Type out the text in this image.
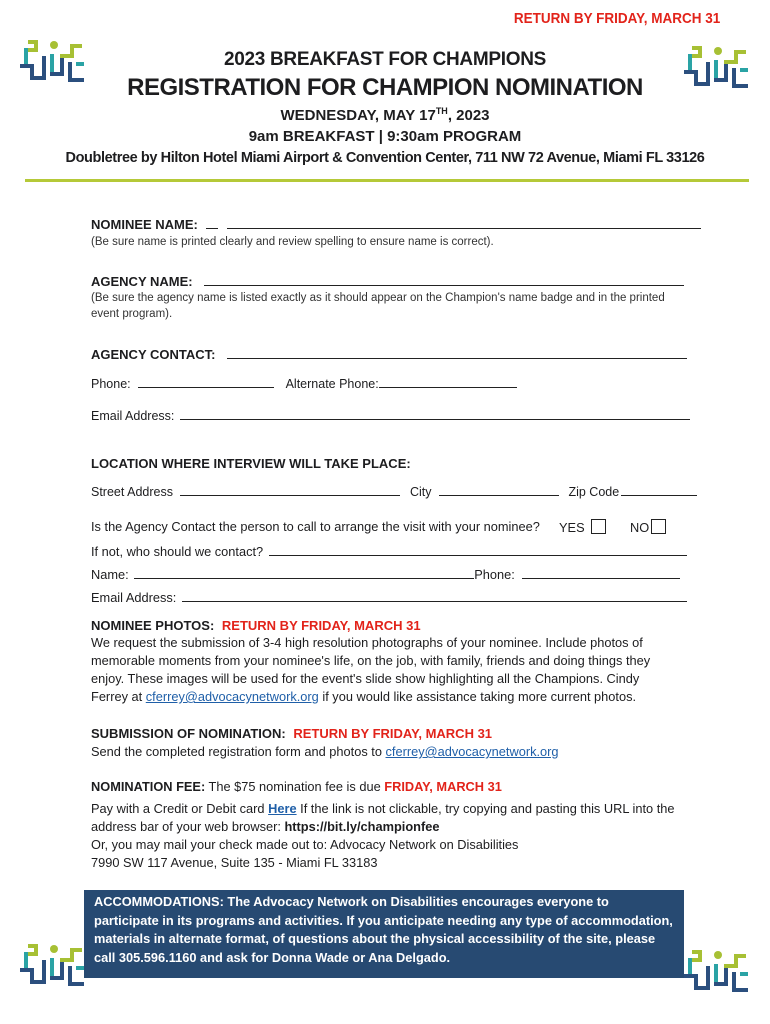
RETURN BY FRIDAY, MARCH 31
2023 BREAKFAST FOR CHAMPIONS
REGISTRATION FOR CHAMPION NOMINATION
WEDNESDAY, MAY 17TH, 2023
9am BREAKFAST | 9:30am PROGRAM
Doubletree by Hilton Hotel Miami Airport & Convention Center, 711 NW 72 Avenue, Miami FL 33126
NOMINEE NAME:
(Be sure name is printed clearly and review spelling to ensure name is correct).
AGENCY NAME:
(Be sure the agency name is listed exactly as it should appear on the Champion's name badge and in the printed event program).
AGENCY CONTACT:
Phone:	Alternate Phone:
Email Address:
LOCATION WHERE INTERVIEW WILL TAKE PLACE:
Street Address	City	Zip Code
Is the Agency Contact the person to call to arrange the visit with your nominee? YES	NO
If not, who should we contact?
Name:	Phone:
Email Address:
NOMINEE PHOTOS: RETURN BY FRIDAY, MARCH 31
We request the submission of 3-4 high resolution photographs of your nominee. Include photos of memorable moments from your nominee's life, on the job, with family, friends and doing things they enjoy. These images will be used for the event's slide show highlighting all the Champions. Cindy Ferrey at cferrey@advocacynetwork.org if you would like assistance taking more current photos.
SUBMISSION OF NOMINATION: RETURN BY FRIDAY, MARCH 31
Send the completed registration form and photos to cferrey@advocacynetwork.org
NOMINATION FEE: The $75 nomination fee is due FRIDAY, MARCH 31
Pay with a Credit or Debit card Here If the link is not clickable, try copying and pasting this URL into the address bar of your web browser: https://bit.ly/championfee
Or, you may mail your check made out to: Advocacy Network on Disabilities
7990 SW 117 Avenue, Suite 135 - Miami FL 33183
ACCOMMODATIONS: The Advocacy Network on Disabilities encourages everyone to participate in its programs and activities. If you anticipate needing any type of accommodation, materials in alternate format, of questions about the physical accessibility of the site, please call 305.596.1160 and ask for Donna Wade or Ana Delgado.
